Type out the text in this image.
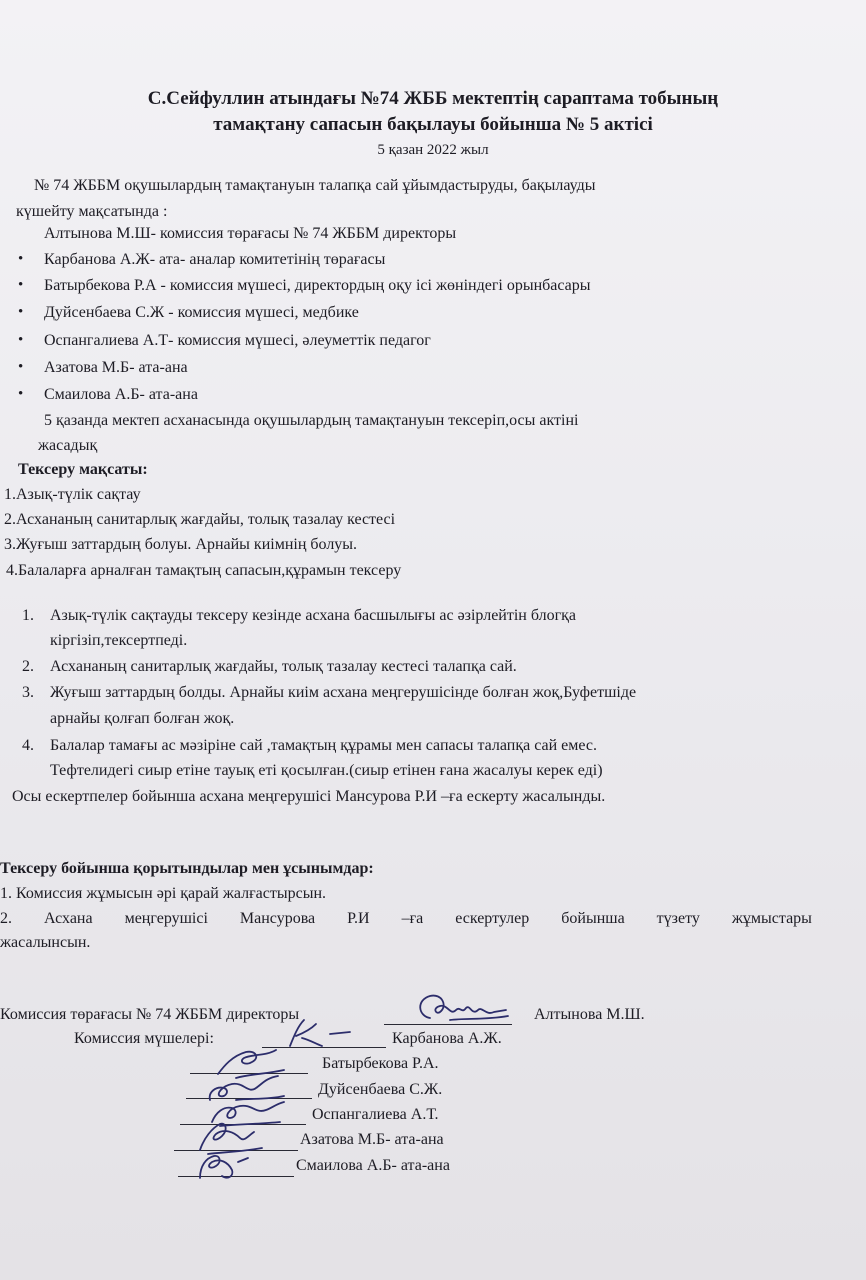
С.Сейфуллин атындағы №74 ЖББ мектептің сараптама тобының
тамақтану сапасын бақылауы бойынша № 5 актісі
5 қазан 2022 жыл
№ 74 ЖББМ оқушылардың тамақтануын талапқа сай ұйымдастыруды, бақылауды
күшейту мақсатында :
Алтынова М.Ш- комиссия төрағасы № 74 ЖББМ директоры
• Карбанова А.Ж- ата- аналар комитетінің төрағасы
• Батырбекова Р.А - комиссия мүшесі, директордың оқу ісі жөніндегі орынбасары
• Дуйсенбаева С.Ж - комиссия мүшесі, медбике
• Оспангалиева А.Т- комиссия мүшесі, әлеуметтік педагог
• Азатова М.Б- ата-ана
• Смаилова А.Б- ата-ана
5 қазанда мектеп асханасында оқушылардың тамақтануын тексеріп,осы актіні
жасадық
Тексеру мақсаты:
1.Азық-түлік сақтау
2.Асхананың санитарлық жағдайы, толық тазалау кестесі
3.Жуғыш заттардың болуы. Арнайы киімнің болуы.
4.Балаларға арналған тамақтың сапасын,құрамын тексеру
1. Азық-түлік сақтауды тексеру кезінде асхана басшылығы ас әзірлейтін блогқа
кіргізіп,тексертпеді.
2. Асхананың санитарлық жағдайы, толық тазалау кестесі талапқа сай.
3. Жуғыш заттардың болды. Арнайы киім асхана меңгерушісінде болған жоқ,Буфетшіде
арнайы қолғап болған жоқ.
4. Балалар тамағы ас мәзіріне сай ,тамақтың құрамы мен сапасы талапқа сай емес.
Тефтелидегі сиыр етіне тауық еті қосылған.(сиыр етінен ғана жасалуы керек еді)
Осы ескертпелер бойынша асхана меңгерушісі Мансурова Р.И –ға ескерту жасалынды.
Тексеру бойынша қорытындылар мен ұсынымдар:
1. Комиссия жұмысын әрі қарай жалғастырсын.
2. Асхана меңгерушісі Мансурова Р.И –ға ескертулер бойынша түзету жұмыстары
жасалынсын.
Комиссия төрағасы № 74 ЖББМ директоры	Алтынова М.Ш.
Комиссия мүшелері:	Карбанова А.Ж.
Батырбекова Р.А.
Дуйсенбаева С.Ж.
Оспангалиева А.Т.
Азатова М.Б- ата-ана
Смаилова А.Б- ата-ана
